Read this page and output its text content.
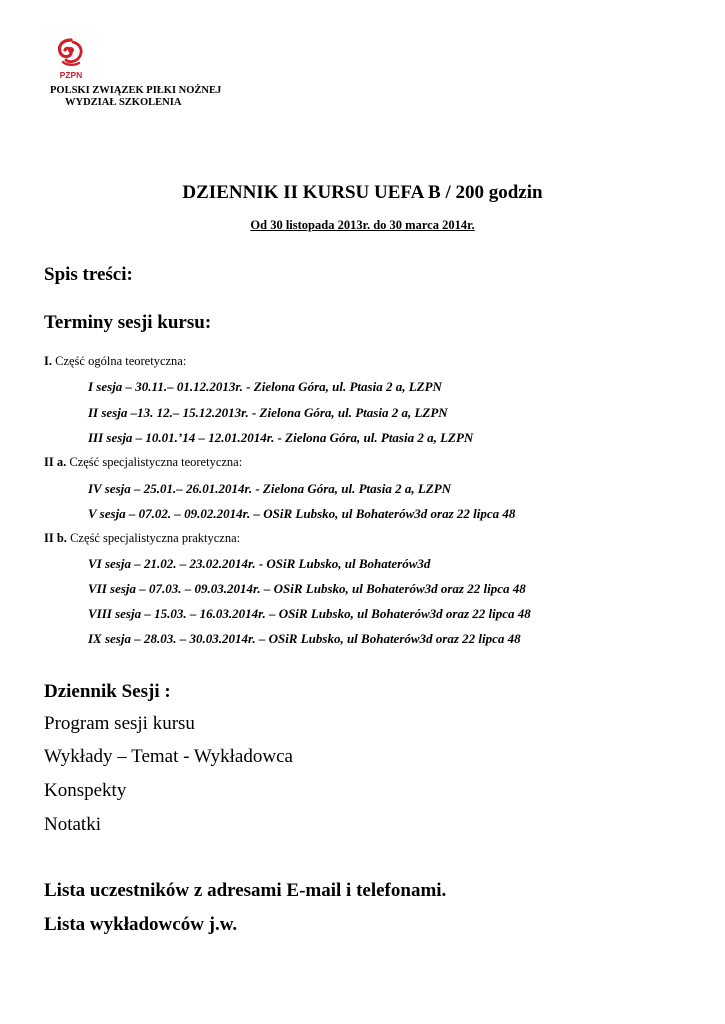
PZPN
POLSKI ZWIĄZEK PIŁKI NOŻNEJ
WYDZIAŁ SZKOLENIA
DZIENNIK II KURSU UEFA B / 200 godzin
Od 30 listopada 2013r. do 30 marca 2014r.
Spis treści:
Terminy sesji kursu:
I. Część ogólna teoretyczna:
I sesja – 30.11.– 01.12.2013r. - Zielona Góra, ul. Ptasia 2 a, LZPN
II sesja –13. 12.– 15.12.2013r. - Zielona Góra, ul. Ptasia 2 a, LZPN
III sesja – 10.01.’14 – 12.01.2014r. - Zielona Góra, ul. Ptasia 2 a, LZPN
II a. Część specjalistyczna teoretyczna:
IV sesja – 25.01.– 26.01.2014r. - Zielona Góra, ul. Ptasia 2 a, LZPN
V sesja – 07.02. – 09.02.2014r. – OSiR Lubsko, ul Bohaterów3d oraz 22 lipca 48
II b. Część specjalistyczna praktyczna:
VI sesja – 21.02. – 23.02.2014r. - OSiR Lubsko, ul Bohaterów3d
VII sesja – 07.03. – 09.03.2014r. – OSiR Lubsko, ul Bohaterów3d oraz 22 lipca 48
VIII sesja – 15.03. – 16.03.2014r. – OSiR Lubsko, ul Bohaterów3d oraz 22 lipca 48
IX sesja – 28.03. – 30.03.2014r. – OSiR Lubsko, ul Bohaterów3d oraz 22 lipca 48
Dziennik Sesji :
Program sesji kursu
Wykłady – Temat - Wykładowca
Konspekty
Notatki
Lista uczestników z adresami E-mail i telefonami.
Lista wykładowców j.w.
